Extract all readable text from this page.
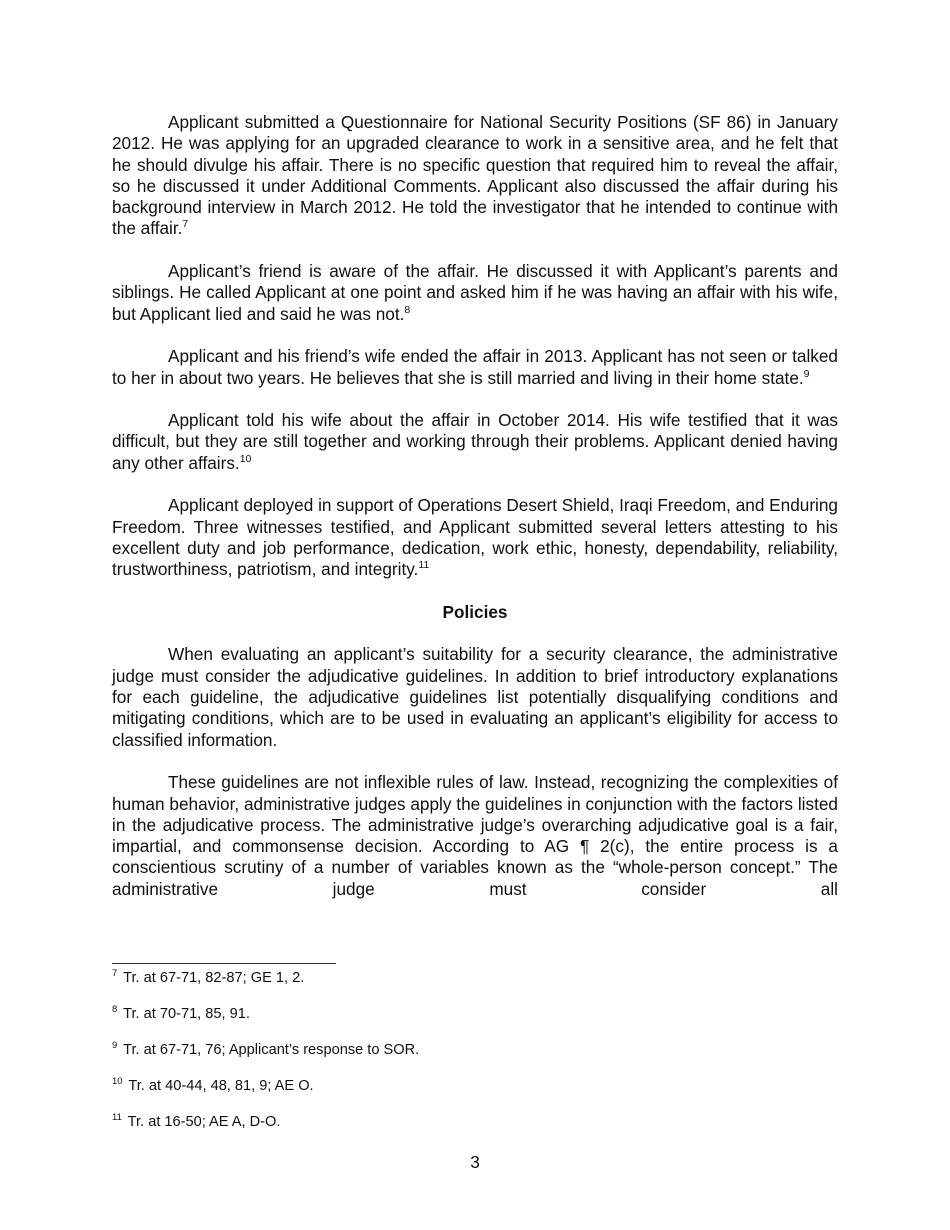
Applicant submitted a Questionnaire for National Security Positions (SF 86) in January 2012. He was applying for an upgraded clearance to work in a sensitive area, and he felt that he should divulge his affair. There is no specific question that required him to reveal the affair, so he discussed it under Additional Comments. Applicant also discussed the affair during his background interview in March 2012. He told the investigator that he intended to continue with the affair.$^7$

Applicant’s friend is aware of the affair. He discussed it with Applicant’s parents and siblings. He called Applicant at one point and asked him if he was having an affair with his wife, but Applicant lied and said he was not.$^8$

Applicant and his friend’s wife ended the affair in 2013. Applicant has not seen or talked to her in about two years. He believes that she is still married and living in their home state.$^9$

Applicant told his wife about the affair in October 2014. His wife testified that it was difficult, but they are still together and working through their problems. Applicant denied having any other affairs.$^{10}$

Applicant deployed in support of Operations Desert Shield, Iraqi Freedom, and Enduring Freedom. Three witnesses testified, and Applicant submitted several letters attesting to his excellent duty and job performance, dedication, work ethic, honesty, dependability, reliability, trustworthiness, patriotism, and integrity.$^{11}$

Policies

When evaluating an applicant’s suitability for a security clearance, the administrative judge must consider the adjudicative guidelines. In addition to brief introductory explanations for each guideline, the adjudicative guidelines list potentially disqualifying conditions and mitigating conditions, which are to be used in evaluating an applicant’s eligibility for access to classified information.

These guidelines are not inflexible rules of law. Instead, recognizing the complexities of human behavior, administrative judges apply the guidelines in conjunction with the factors listed in the adjudicative process. The administrative judge’s overarching adjudicative goal is a fair, impartial, and commonsense decision. According to AG ¶ 2(c), the entire process is a conscientious scrutiny of a number of variables known as the “whole-person concept.” The administrative judge must consider all

$^7$ Tr. at 67-71, 82-87; GE 1, 2.

$^8$ Tr. at 70-71, 85, 91.

$^9$ Tr. at 67-71, 76; Applicant’s response to SOR.

$^{10}$ Tr. at 40-44, 48, 81, 9; AE O.

$^{11}$ Tr. at 16-50; AE A, D-O.

3
